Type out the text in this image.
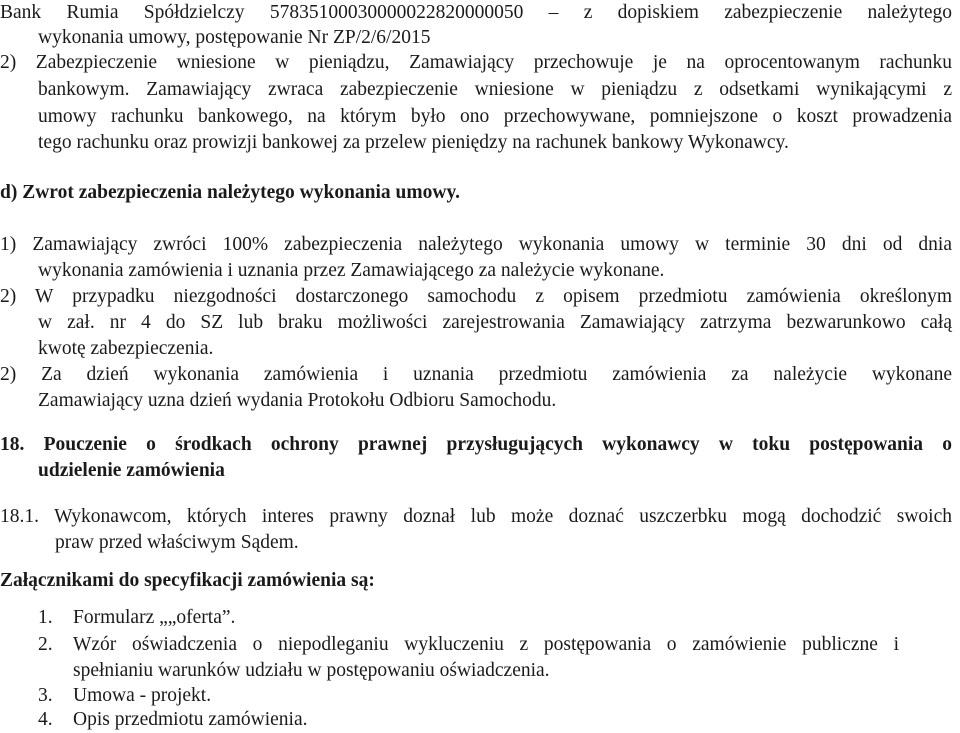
Bank Rumia Spółdzielczy 57835100030000022820000050 – z dopiskiem zabezpieczenie należytego
wykonania umowy, postępowanie Nr ZP/2/6/2015
2) Zabezpieczenie wniesione w pieniądzu, Zamawiający przechowuje je na oprocentowanym rachunku
bankowym. Zamawiający zwraca zabezpieczenie wniesione w pieniądzu z odsetkami wynikającymi z
umowy rachunku bankowego, na którym było ono przechowywane, pomniejszone o koszt prowadzenia
tego rachunku oraz prowizji bankowej za przelew pieniędzy na rachunek bankowy Wykonawcy.
d) Zwrot zabezpieczenia należytego wykonania umowy.
1) Zamawiający zwróci 100% zabezpieczenia należytego wykonania umowy w terminie 30 dni od dnia
wykonania zamówienia i uznania przez Zamawiającego za należycie wykonane.
2) W przypadku niezgodności dostarczonego samochodu z opisem przedmiotu zamówienia określonym
w zał. nr 4 do SZ lub braku możliwości zarejestrowania Zamawiający zatrzyma bezwarunkowo całą
kwotę zabezpieczenia.
2) Za dzień wykonania zamówienia i uznania przedmiotu zamówienia za należycie wykonane
Zamawiający uzna dzień wydania Protokołu Odbioru Samochodu.
18. Pouczenie o środkach ochrony prawnej przysługujących wykonawcy w toku postępowania o
udzielenie zamówienia
18.1. Wykonawcom, których interes prawny doznał lub może doznać uszczerbku mogą dochodzić swoich
praw przed właściwym Sądem.
Załącznikami do specyfikacji zamówienia są:
1. Formularz „„oferta”.
2. Wzór oświadczenia o niepodleganiu wykluczeniu z postępowania o zamówienie publiczne i
spełnianiu warunków udziału w postępowaniu oświadczenia.
3. Umowa - projekt.
4. Opis przedmiotu zamówienia.
